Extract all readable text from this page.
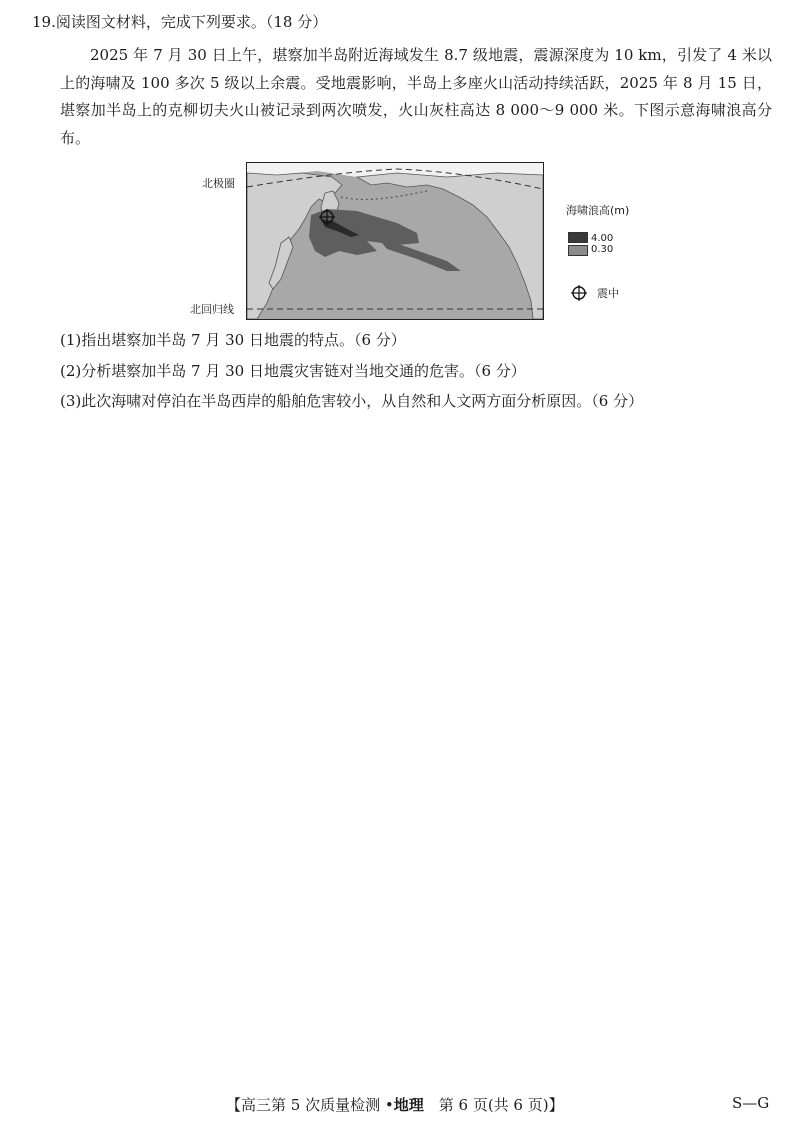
19.阅读图文材料，完成下列要求。（18 分）
2025 年 7 月 30 日上午，堪察加半岛附近海域发生 8.7 级地震，震源深度为 10 km，引发了 4 米以上的海啸及 100 多次 5 级以上余震。受地震影响，半岛上多座火山活动持续活跃，2025 年 8 月 15 日，堪察加半岛上的克柳切夫火山被记录到两次喷发，火山灰柱高达 8 000～9 000 米。下图示意海啸浪高分布。
北极圈
北回归线
海啸浪高(m)
4.00
0.30
震中
(1)指出堪察加半岛 7 月 30 日地震的特点。（6 分）
(2)分析堪察加半岛 7 月 30 日地震灾害链对当地交通的危害。（6 分）
(3)此次海啸对停泊在半岛西岸的船舶危害较小，从自然和人文两方面分析原因。（6 分）
【高三第 5 次质量检测 •地理　 第 6 页(共 6 页)】	S—G
